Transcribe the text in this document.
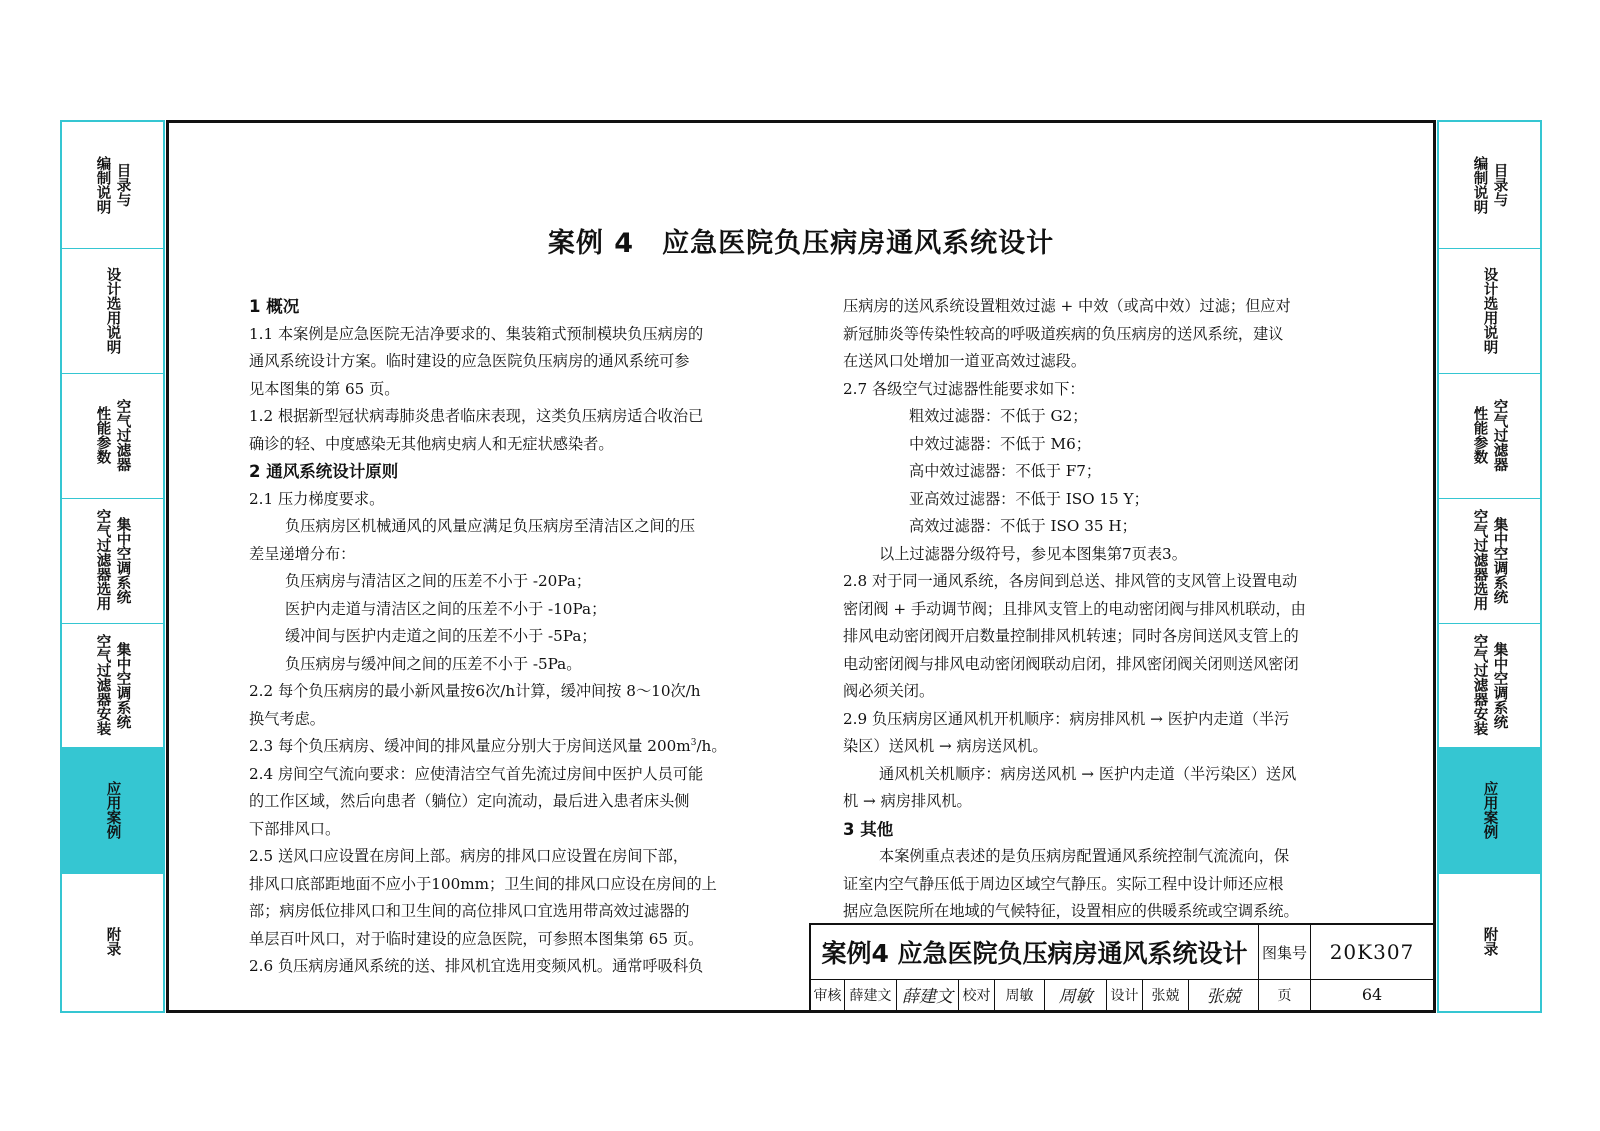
目录与
编制说明
设计选用说明
空气过滤器
性能参数
集中空调系统
空气过滤器选用
集中空调系统
空气过滤器安装
应用案例
附录
目录与
编制说明
设计选用说明
空气过滤器
性能参数
集中空调系统
空气过滤器选用
集中空调系统
空气过滤器安装
应用案例
附录
案例 4　应急医院负压病房通风系统设计
1 概况
1.1 本案例是应急医院无洁净要求的、集装箱式预制模块负压病房的
通风系统设计方案。临时建设的应急医院负压病房的通风系统可参
见本图集的第 65 页。
1.2 根据新型冠状病毒肺炎患者临床表现，这类负压病房适合收治已
确诊的轻、中度感染无其他病史病人和无症状感染者。
2 通风系统设计原则
2.1 压力梯度要求。
负压病房区机械通风的风量应满足负压病房至清洁区之间的压
差呈递增分布：
负压病房与清洁区之间的压差不小于 -20Pa；
医护内走道与清洁区之间的压差不小于 -10Pa；
缓冲间与医护内走道之间的压差不小于 -5Pa；
负压病房与缓冲间之间的压差不小于 -5Pa。
2.2 每个负压病房的最小新风量按6次/h计算，缓冲间按 8～10次/h
换气考虑。
2.3 每个负压病房、缓冲间的排风量应分别大于房间送风量 $200m^3/h$。
2.4 房间空气流向要求：应使清洁空气首先流过房间中医护人员可能
的工作区域，然后向患者（躺位）定向流动，最后进入患者床头侧
下部排风口。
2.5 送风口应设置在房间上部。病房的排风口应设置在房间下部，
排风口底部距地面不应小于100mm；卫生间的排风口应设在房间的上
部；病房低位排风口和卫生间的高位排风口宜选用带高效过滤器的
单层百叶风口，对于临时建设的应急医院，可参照本图集第 65 页。
2.6 负压病房通风系统的送、排风机宜选用变频风机。通常呼吸科负
压病房的送风系统设置粗效过滤 + 中效（或高中效）过滤；但应对
新冠肺炎等传染性较高的呼吸道疾病的负压病房的送风系统，建议
在送风口处增加一道亚高效过滤段。
2.7 各级空气过滤器性能要求如下：
粗效过滤器：不低于 G2；
中效过滤器：不低于 M6；
高中效过滤器：不低于 F7；
亚高效过滤器：不低于 ISO 15 Y；
高效过滤器：不低于 ISO 35 H；
以上过滤器分级符号，参见本图集第7页表3。
2.8 对于同一通风系统，各房间到总送、排风管的支风管上设置电动
密闭阀 + 手动调节阀；且排风支管上的电动密闭阀与排风机联动，由
排风电动密闭阀开启数量控制排风机转速；同时各房间送风支管上的
电动密闭阀与排风电动密闭阀联动启闭，排风密闭阀关闭则送风密闭
阀必须关闭。
2.9 负压病房区通风机开机顺序：病房排风机 → 医护内走道（半污
染区）送风机 → 病房送风机。
通风机关机顺序：病房送风机 → 医护内走道（半污染区）送风
机 → 病房排风机。
3 其他
本案例重点表述的是负压病房配置通风系统控制气流流向，保
证室内空气静压低于周边区域空气静压。实际工程中设计师还应根
据应急医院所在地域的气候特征，设置相应的供暖系统或空调系统。
案例4 应急医院负压病房通风系统设计 图集号	20K307
审核 薛建文 薛建文 校对	周敏	周敏	设计 张兢	张兢	页	64
